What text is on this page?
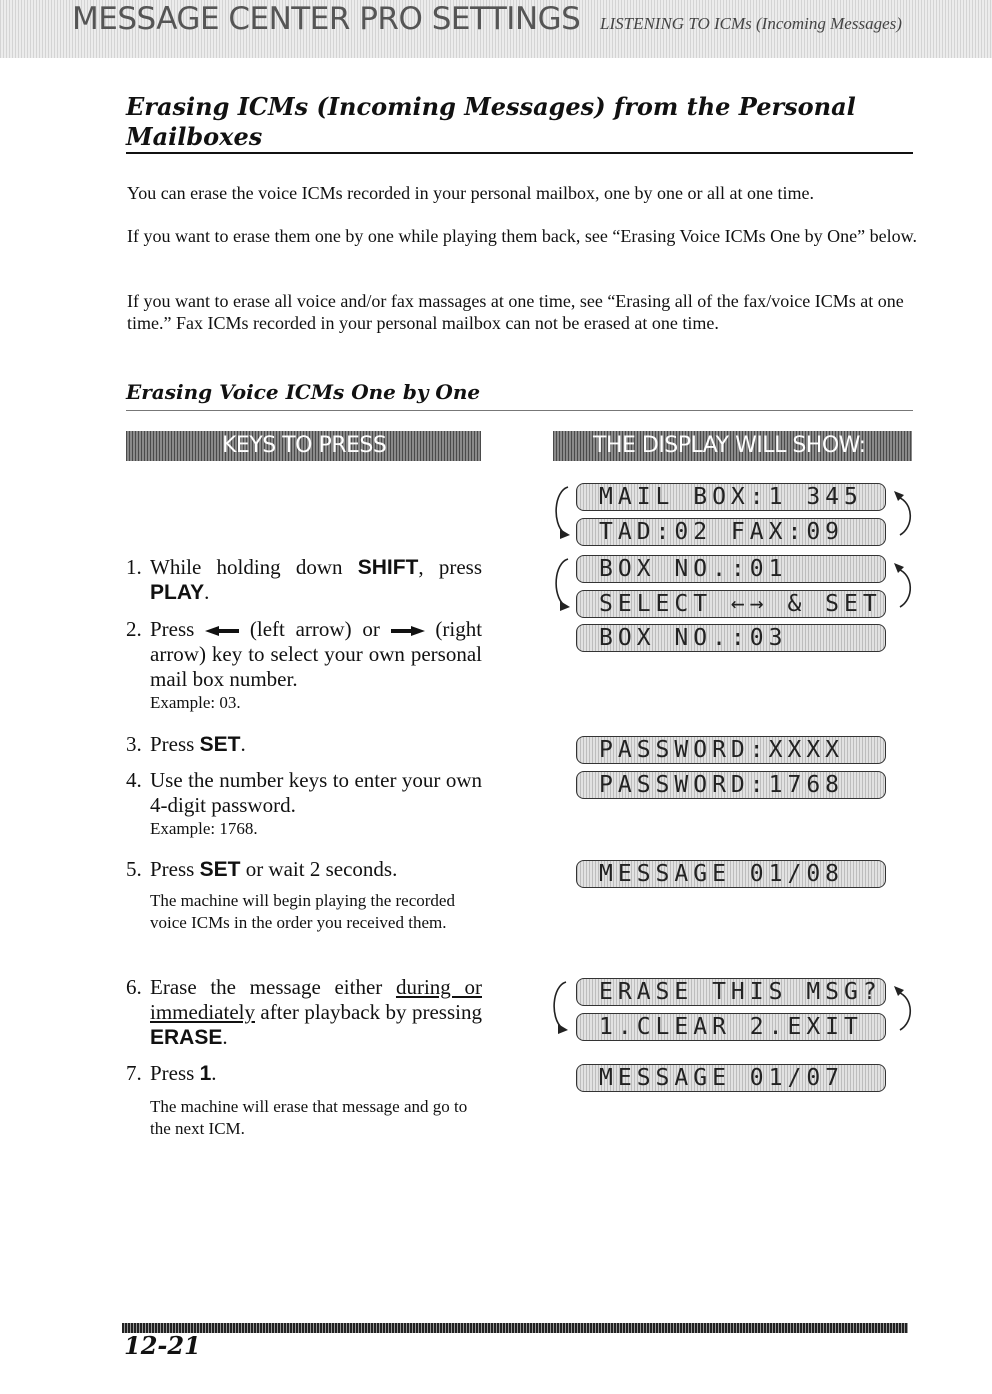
MESSAGE CENTER PRO SETTINGS LISTENING TO ICMs (Incoming Messages)
Erasing ICMs (Incoming Messages) from the Personal Mailboxes

You can erase the voice ICMs recorded in your personal mailbox, one by one or all at one time.

If you want to erase them one by one while playing them back, see “Erasing Voice ICMs One by One” below.

If you want to erase all voice and/or fax massages at one time, see “Erasing all of the fax/voice ICMs at one time.” Fax ICMs recorded in your personal mailbox can not be erased at one time.

Erasing Voice ICMs One by One
KEYS TO PRESS	THE DISPLAY WILL SHOW:
1. While holding down SHIFT, press PLAY.
2. Press	(left arrow) or	(right arrow) key to select your own personal mail box number.
Example: 03.
3. Press SET.
4. Use the number keys to enter your own 4-digit password.
Example: 1768.
5. Press SET or wait 2 seconds.
The machine will begin playing the recorded voice ICMs in the order you received them.
6. Erase the message either during or immediately after playback by pressing ERASE.
7. Press 1.
The machine will erase that message and go to the next ICM.
MAIL BOX:1 345
TAD:02 FAX:09
BOX NO.:01
SELECT ←→ & SET
BOX NO.:03
PASSWORD:XXXX
PASSWORD:1768
MESSAGE 01/08
ERASE THIS MSG?
1.CLEAR 2.EXIT
MESSAGE 01/07
12-21
